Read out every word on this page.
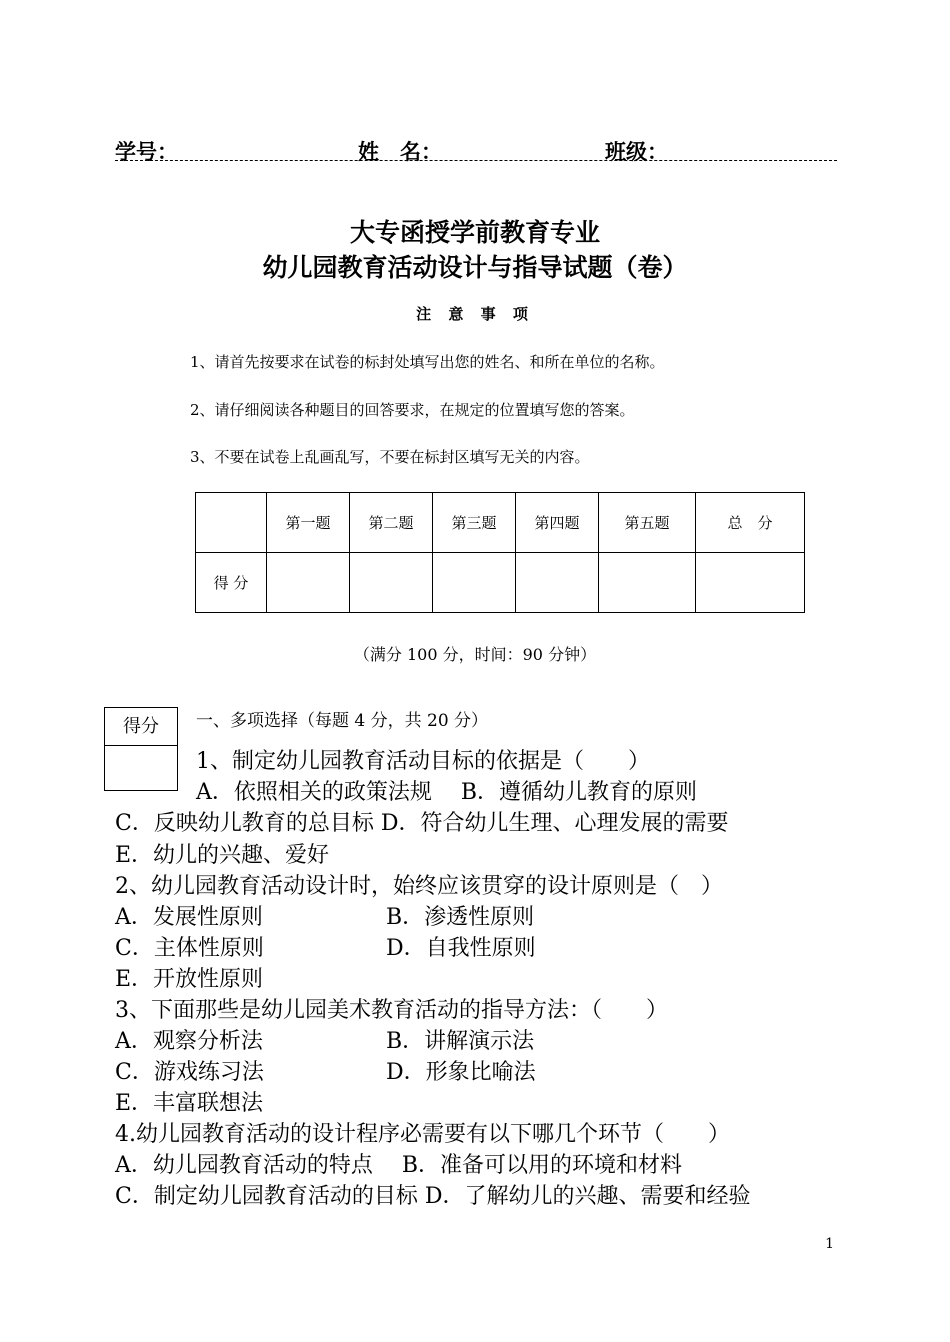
学号：	姓　名：	班级：
大专函授学前教育专业
幼儿园教育活动设计与指导试题（卷）
注 意 事 项
1、请首先按要求在试卷的标封处填写出您的姓名、和所在单位的名称。
2、请仔细阅读各种题目的回答要求，在规定的位置填写您的答案。
3、不要在试卷上乱画乱写，不要在标封区填写无关的内容。
	第一题	第二题	第三题	第四题	第五题	总　分
得 分						
（满分 100 分，时间：90 分钟）
得分	一、多项选择（每题 4 分，共 20 分）
1、制定幼儿园教育活动目标的依据是（　　）
A．依照相关的政策法规　 B．遵循幼儿教育的原则
C．反映幼儿教育的总目标 D．符合幼儿生理、心理发展的需要
E．幼儿的兴趣、爱好
2、幼儿园教育活动设计时，始终应该贯穿的设计原则是（　）
A．发展性原则	B．渗透性原则
C．主体性原则	D．自我性原则
E．开放性原则
3、下面那些是幼儿园美术教育活动的指导方法：（　　）
A．观察分析法	B．讲解演示法
C．游戏练习法	D．形象比喻法
E．丰富联想法
4.幼儿园教育活动的设计程序必需要有以下哪几个环节（　　）
A．幼儿园教育活动的特点　 B．准备可以用的环境和材料
C．制定幼儿园教育活动的目标 D．了解幼儿的兴趣、需要和经验
1
